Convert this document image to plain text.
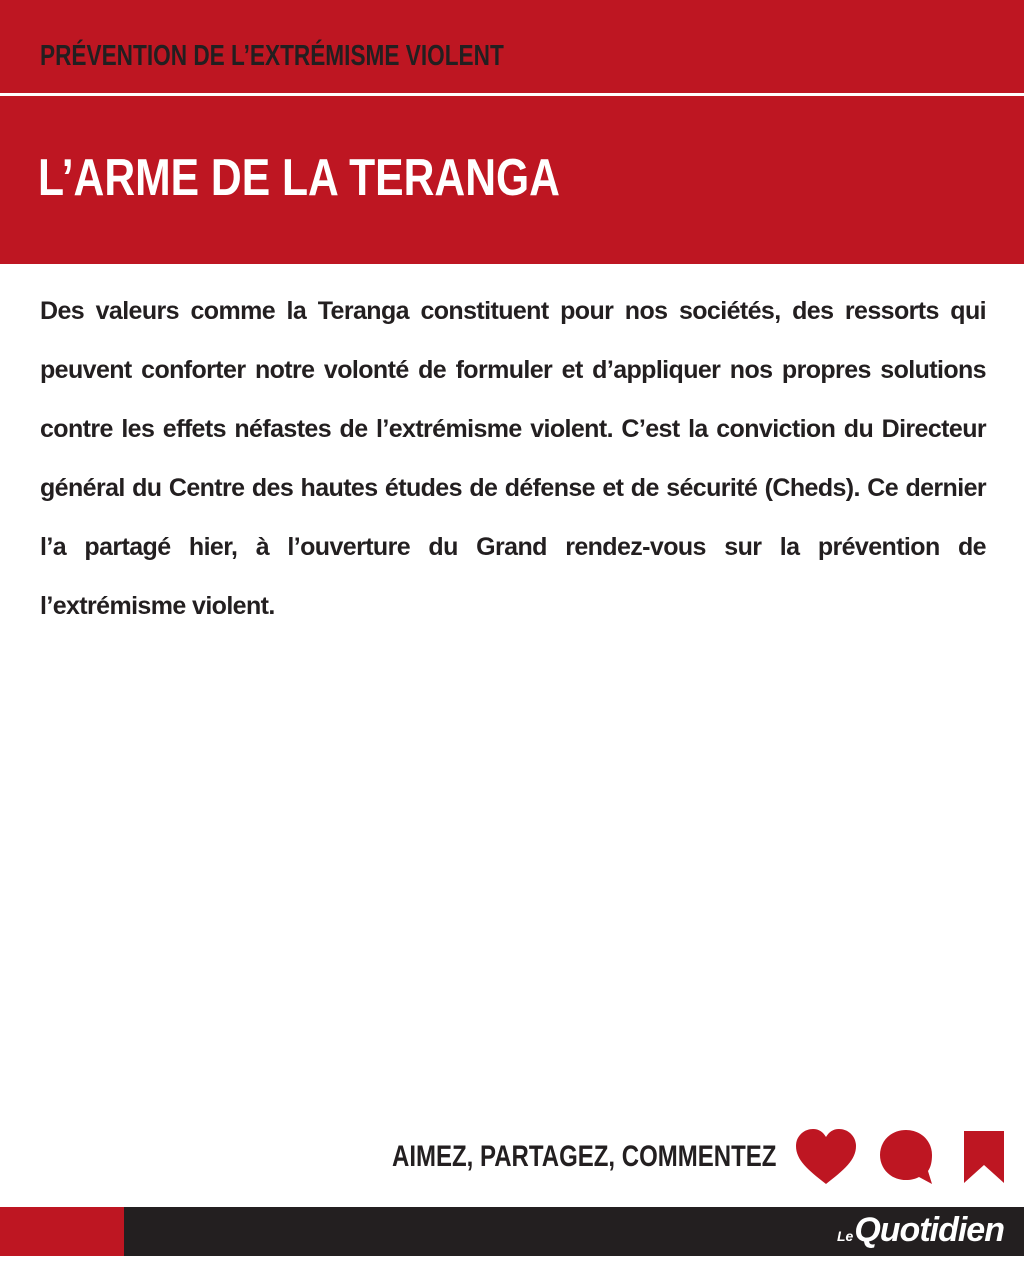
PRÉVENTION DE L’EXTRÉMISME VIOLENT
L’ARME DE LA TERANGA

Des valeurs comme la Teranga constituent pour nos sociétés, des ressorts qui peuvent conforter notre volonté de formuler et d’appliquer nos propres solutions contre les effets néfastes de l’extrémisme violent. C’est la conviction du Directeur général du Centre des hautes études de défense et de sécurité (Cheds). Ce dernier l’a partagé hier, à l’ouverture du Grand rendez-vous sur la prévention de l’extrémisme violent.

AIMEZ, PARTAGEZ, COMMENTEZ
LeQuotidien
